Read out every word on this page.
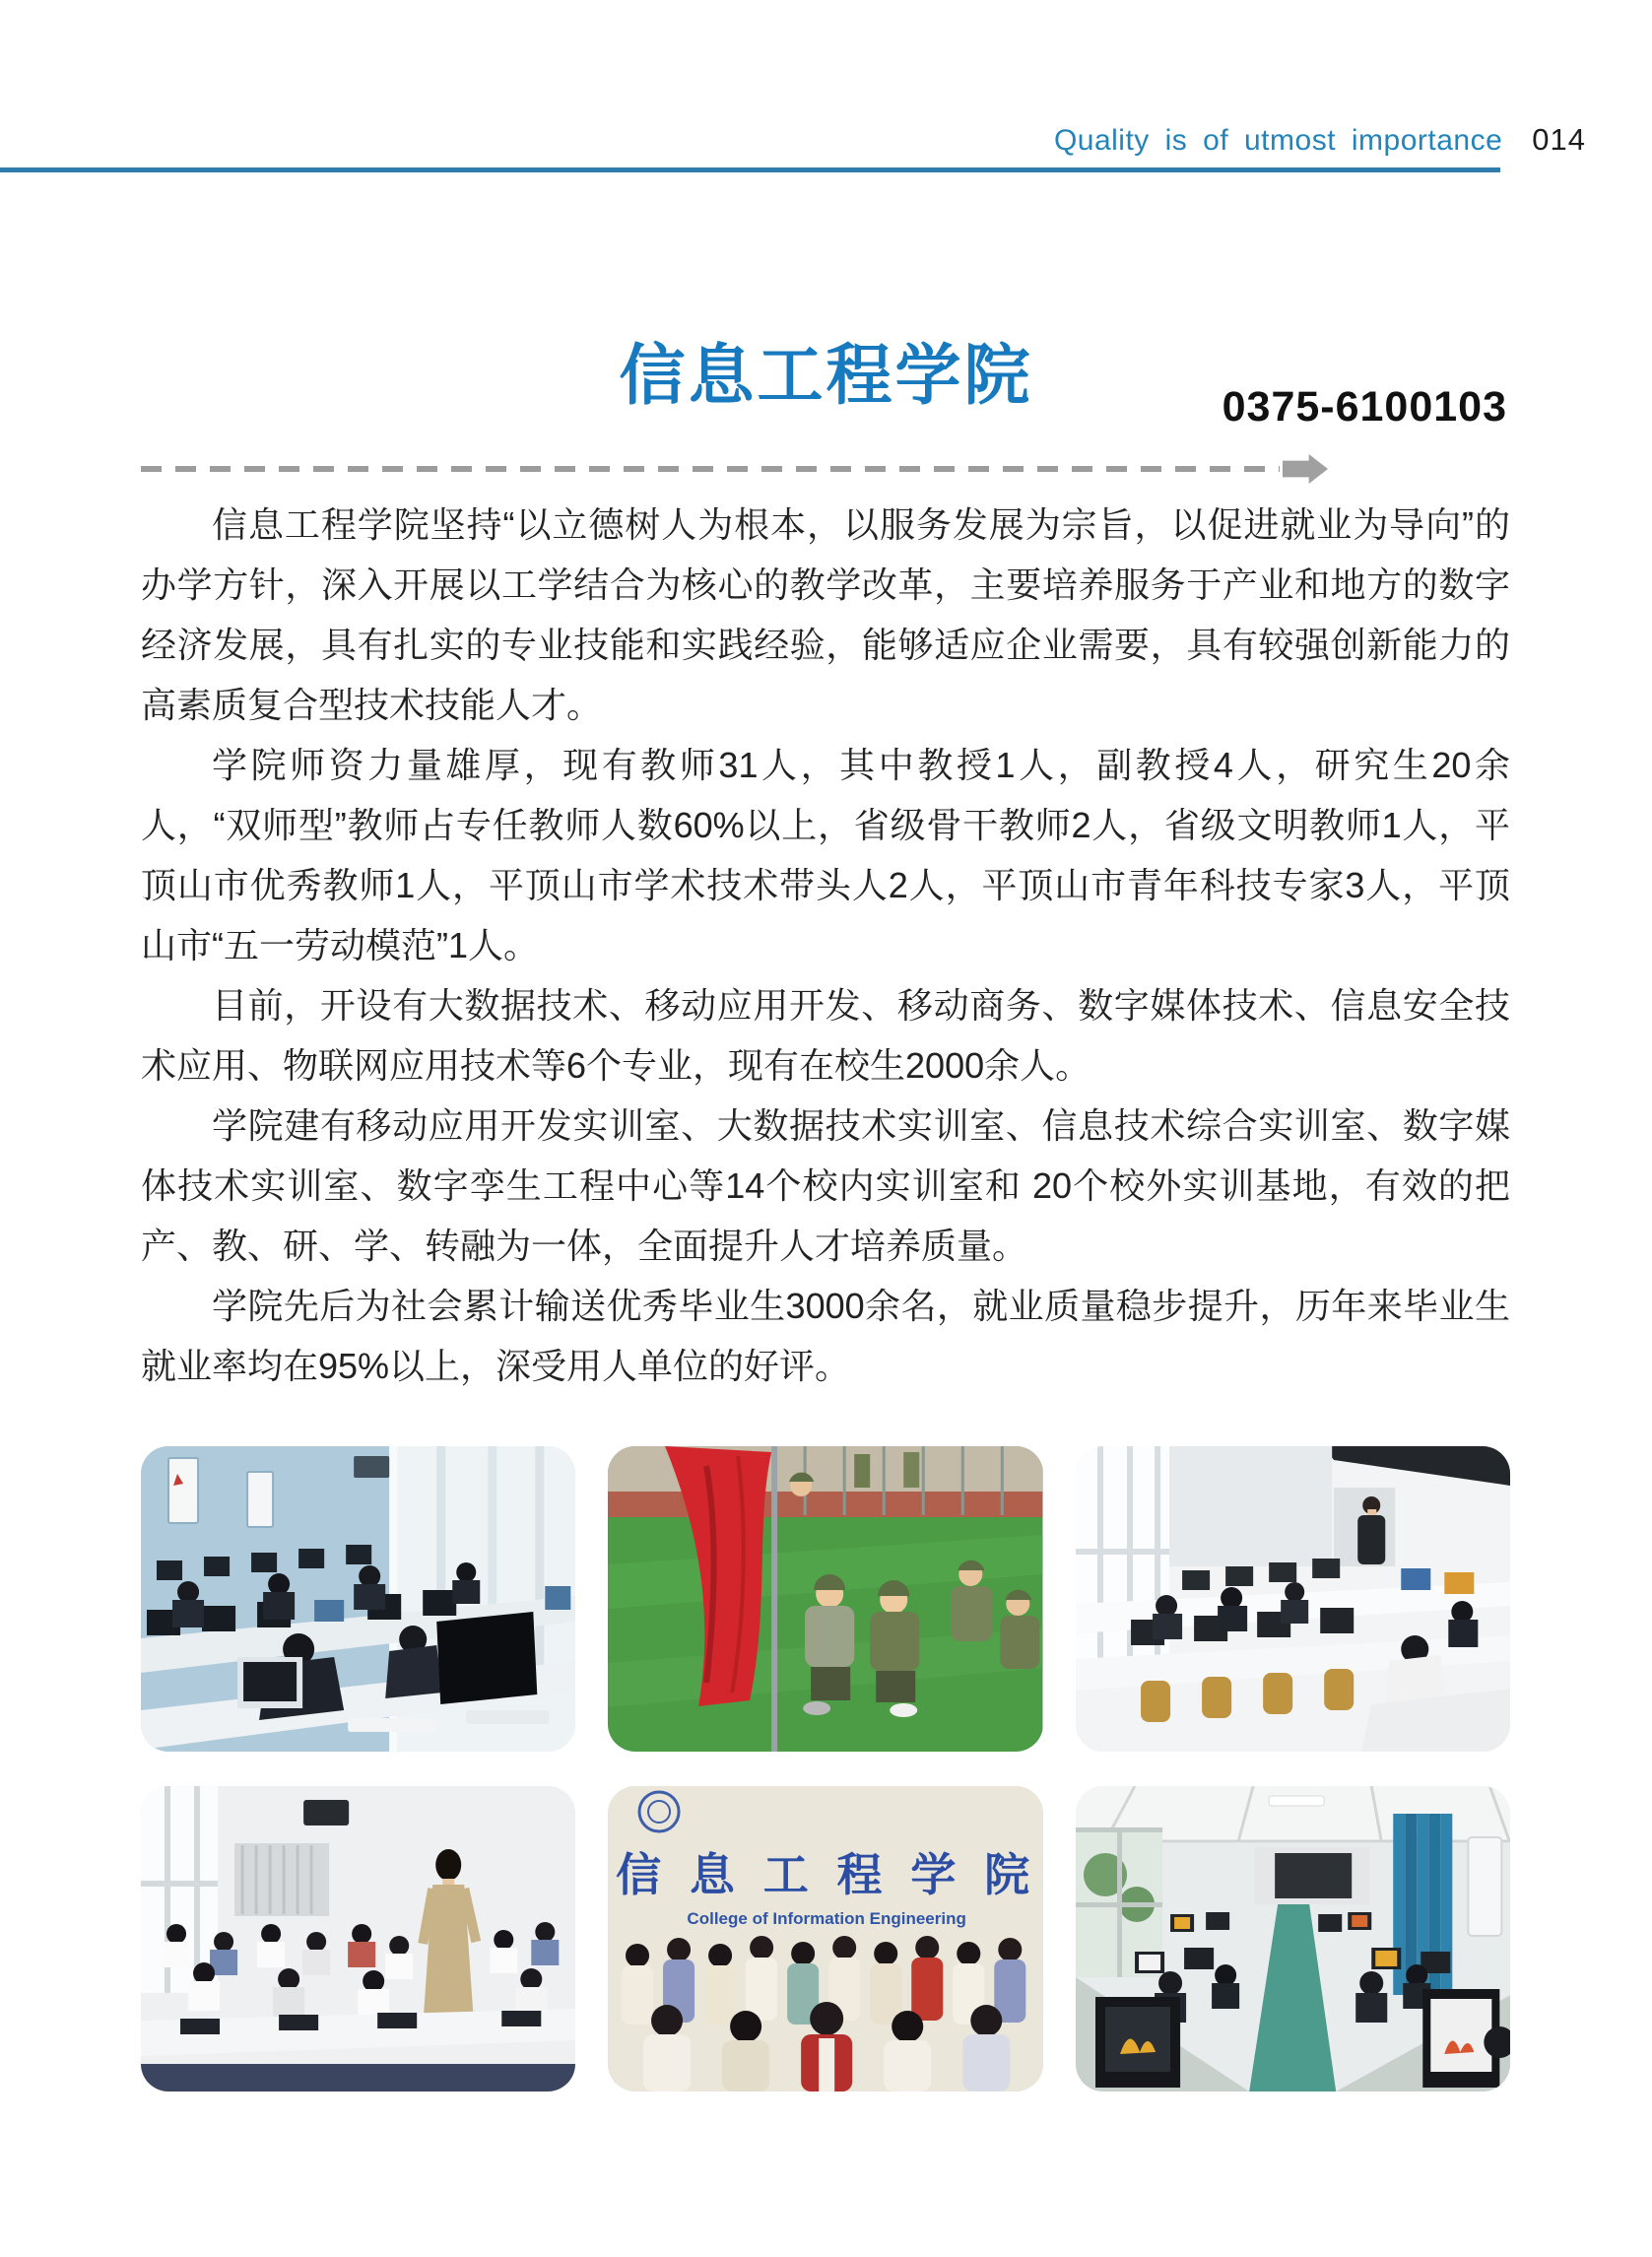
Quality is of utmost importance 014
信息工程学院	0375-6100103

信息工程学院坚持“以立德树人为根本，以服务发展为宗旨，以促进就业为导向”的办学方针，深入开展以工学结合为核心的教学改革，主要培养服务于产业和地方的数字经济发展，具有扎实的专业技能和实践经验，能够适应企业需要，具有较强创新能力的高素质复合型技术技能人才。

学院师资力量雄厚，现有教师31人，其中教授1人，副教授4人，研究生20余人，“双师型”教师占专任教师人数60%以上，省级骨干教师2人，省级文明教师1人，平顶山市优秀教师1人，平顶山市学术技术带头人2人，平顶山市青年科技专家3人，平顶山市“五一劳动模范”1人。

目前，开设有大数据技术、移动应用开发、移动商务、数字媒体技术、信息安全技术应用、物联网应用技术等6个专业，现有在校生2000余人。

学院建有移动应用开发实训室、大数据技术实训室、信息技术综合实训室、数字媒体技术实训室、数字孪生工程中心等14个校内实训室和 20个校外实训基地，有效的把产、教、研、学、转融为一体，全面提升人才培养质量。

学院先后为社会累计输送优秀毕业生3000余名，就业质量稳步提升，历年来毕业生就业率均在95%以上，深受用人单位的好评。

信 息 工 程 学 院
College of Information Engineering
